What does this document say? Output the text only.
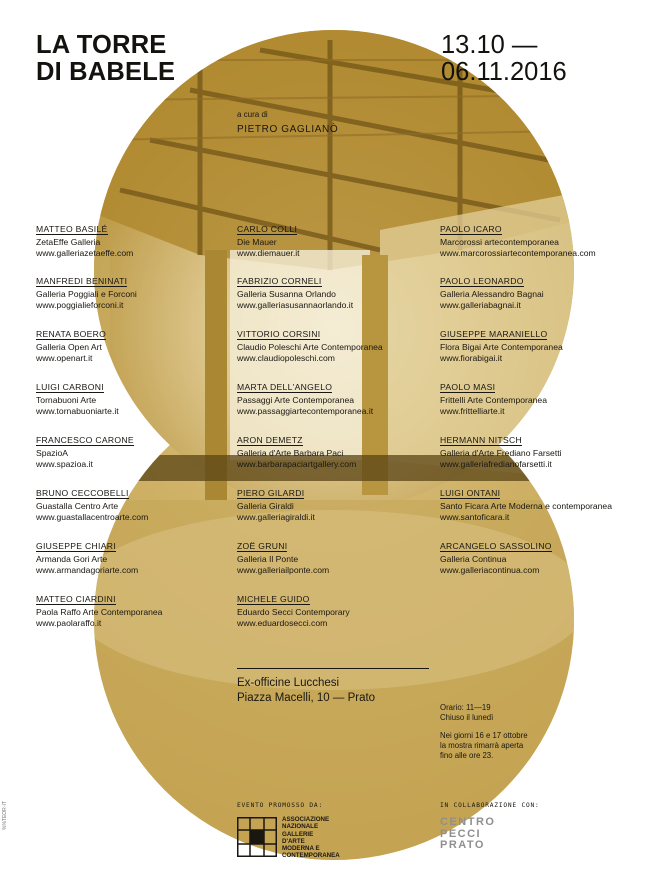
LA TORRE
DI BABELE
13.10 —
06.11.2016
a cura di
PIETRO GAGLIANÒ
MATTEO BASILÉ
ZetaEffe Galleria
www.galleriazetaeffe.com
MANFREDI BENINATI
Galleria Poggiali e Forconi
www.poggialieforconi.it
RENATA BOERO
Galleria Open Art
www.openart.it
LUIGI CARBONI
Tornabuoni Arte
www.tornabuoniarte.it
FRANCESCO CARONE
SpazioA
www.spazioa.it
BRUNO CECCOBELLI
Guastalla Centro Arte
www.guastallacentroarte.com
GIUSEPPE CHIARI
Armanda Gori Arte
www.armandagoriarte.com
MATTEO CIARDINI
Paola Raffo Arte Contemporanea
www.paolaraffo.it
CARLO COLLI
Die Mauer
www.diemauer.it
FABRIZIO CORNELI
Galleria Susanna Orlando
www.galleriasusannaorlando.it
VITTORIO CORSINI
Claudio Poleschi Arte Contemporanea
www.claudiopoleschi.com
MARTA DELL'ANGELO
Passaggi Arte Contemporanea
www.passaggiartecontemporanea.it
ARON DEMETZ
Galleria d'Arte Barbara Paci
www.barbarapaciartgallery.com
PIERO GILARDI
Galleria Giraldi
www.galleriagiraldi.it
ZOË GRUNI
Galleria Il Ponte
www.galleriailponte.com
MICHELE GUIDO
Eduardo Secci Contemporary
www.eduardosecci.com
PAOLO ICARO
Marcorossi artecontemporanea
www.marcorossiartecontemporanea.com
PAOLO LEONARDO
Galleria Alessandro Bagnai
www.galleriabagnai.it
GIUSEPPE MARANIELLO
Flora Bigai Arte Contemporanea
www.fiorabigai.it
PAOLO MASI
Frittelli Arte Contemporanea
www.frittelliarte.it
HERMANN NITSCH
Galleria d'Arte Frediano Farsetti
www.galleriafredianofarsetti.it
LUIGI ONTANI
Santo Ficara Arte Moderna e contemporanea
www.santoficara.it
ARCANGELO SASSOLINO
Galleria Continua
www.galleriacontinua.com
Ex-officine Lucchesi
Piazza Macelli, 10 — Prato
Orario: 11—19
Chiuso il lunedì
Nei giorni 16 e 17 ottobre
la mostra rimarrà aperta
fino alle ore 23.
EVENTO PROMOSSO DA:	IN COLLABORAZIONE CON:
ASSOCIAZIONE
NAZIONALE
GALLERIE
D'ARTE
MODERNA E
CONTEMPORANEA
CENTRO
PECCI
PRATO
%%TEOR-IT
